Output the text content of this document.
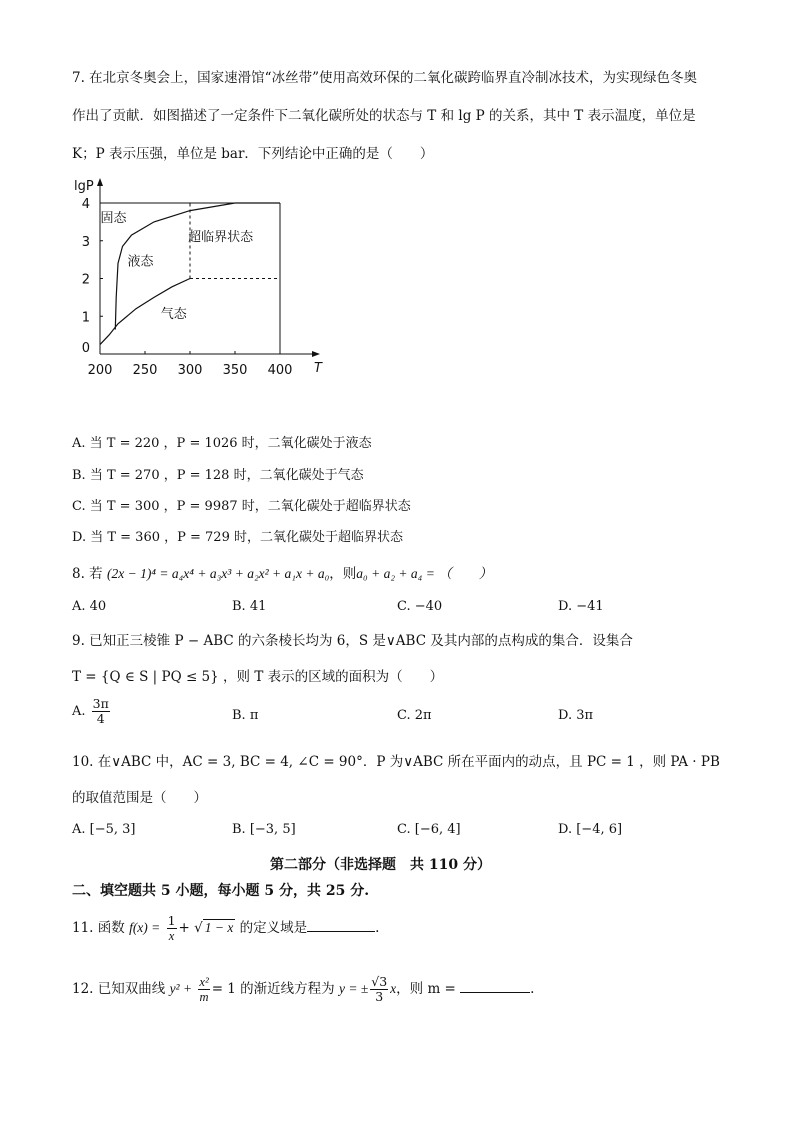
7. 在北京冬奥会上，国家速滑馆“冰丝带”使用高效环保的二氧化碳跨临界直冷制冰技术，为实现绿色冬奥
作出了贡献．如图描述了一定条件下二氧化碳所处的状态与 T 和 lg P 的关系，其中 T 表示温度，单位是
K；P 表示压强，单位是 bar．下列结论中正确的是（　　）
200 250 300 350 400
1
2
3
4
0
T
lgP
固态
液态
超临界状态
气态
A. 当 T = 220 ，P = 1026 时，二氧化碳处于液态
B. 当 T = 270 ，P = 128 时，二氧化碳处于气态
C. 当 T = 300 ，P = 9987 时，二氧化碳处于超临界状态
D. 当 T = 360 ，P = 729 时，二氧化碳处于超临界状态
8. 若 (2x − 1)⁴ = a₄x⁴ + a₃x³ + a₂x² + a₁x + a₀，则a₀ + a₂ + a₄ = （　　）
A. 40	B. 41	C. −40	D. −41
9. 已知正三棱锥 P − ABC 的六条棱长均为 6，S 是∨ABC 及其内部的点构成的集合．设集合
T = {Q ∈ S | PQ ≤ 5} ，则 T 表示的区域的面积为（　　）
A. $\frac{3\pi}{4}$	B. π	C. 2π	D. 3π
10. 在∨ABC 中，AC = 3, BC = 4, ∠C = 90°．P 为∨ABC 所在平面内的动点，且 PC = 1 ，则 PA · PB
的取值范围是（　　）
A. [−5, 3]	B. [−3, 5]	C. [−6, 4]	D. [−4, 6]
第二部分（非选择题　共 110 分）
二、填空题共 5 小题，每小题 5 分，共 25 分.
11. 函数 $f(x) = \frac{1}{x}$ + √ 1 − x 的定义域是	.
12. 已知双曲线 $y^2 + \frac{\text{x²}}{m} = 1$ 的渐近线方程为 y = ± $\frac{√3}{3}$ x，则 m =	.
